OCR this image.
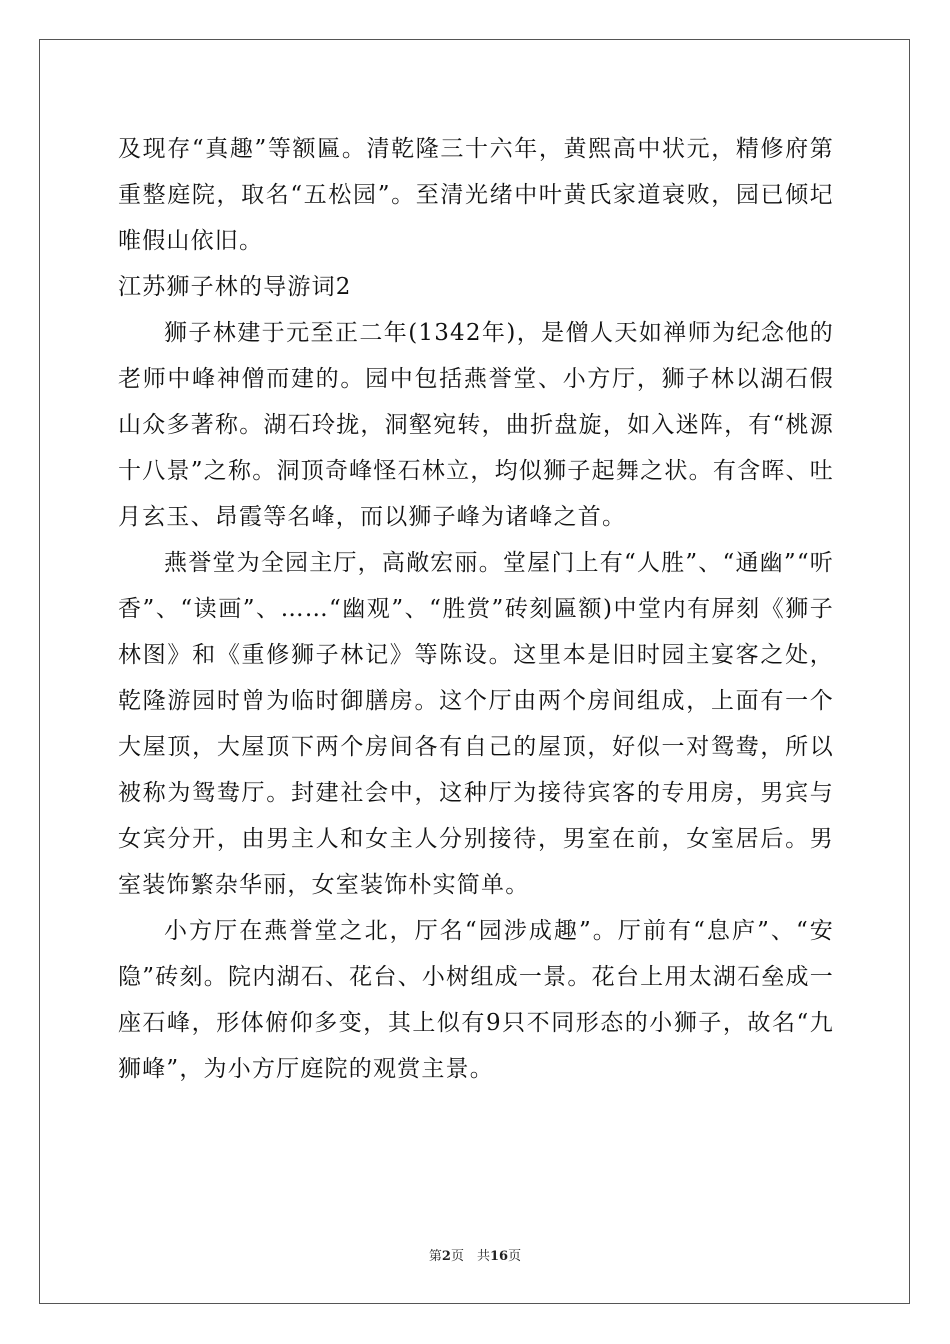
及现存“真趣”等额匾。清乾隆三十六年，黄熙高中状元，精修府第重整庭院，取名“五松园”。至清光绪中叶黄氏家道衰败，园已倾圮唯假山依旧。

江苏狮子林的导游词2

狮子林建于元至正二年(1342年)，是僧人天如禅师为纪念他的老师中峰神僧而建的。园中包括燕誉堂、小方厅，狮子林以湖石假山众多著称。湖石玲拢，洞壑宛转，曲折盘旋，如入迷阵，有“桃源十八景”之称。洞顶奇峰怪石林立，均似狮子起舞之状。有含晖、吐月玄玉、昂霞等名峰，而以狮子峰为诸峰之首。

燕誉堂为全园主厅，高敞宏丽。堂屋门上有“人胜”、“通幽”“听香”、“读画”、……“幽观”、“胜赏”砖刻匾额)中堂内有屏刻《狮子林图》和《重修狮子林记》等陈设。这里本是旧时园主宴客之处，乾隆游园时曾为临时御膳房。这个厅由两个房间组成，上面有一个大屋顶，大屋顶下两个房间各有自己的屋顶，好似一对鸳鸯，所以被称为鸳鸯厅。封建社会中，这种厅为接待宾客的专用房，男宾与女宾分开，由男主人和女主人分别接待，男室在前，女室居后。男室装饰繁杂华丽，女室装饰朴实简单。

小方厅在燕誉堂之北，厅名“园涉成趣”。厅前有“息庐”、“安隐”砖刻。院内湖石、花台、小树组成一景。花台上用太湖石垒成一座石峰，形体俯仰多变，其上似有9只不同形态的小狮子，故名“九狮峰”，为小方厅庭院的观赏主景。

第2页　共16页
